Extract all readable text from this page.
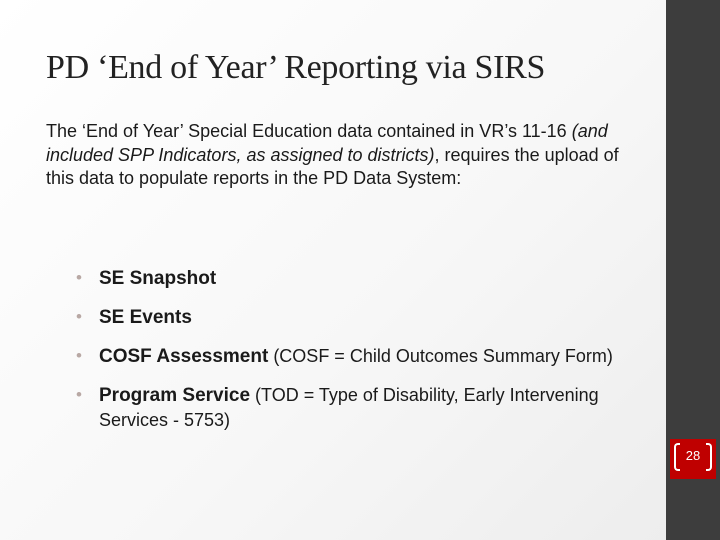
PD ‘End of Year’ Reporting via SIRS
The ‘End of Year’ Special Education data contained in VR’s 11-16 (and included SPP Indicators, as assigned to districts), requires the upload of this data to populate reports in the PD Data System:
• SE Snapshot
• SE Events
• COSF Assessment (COSF = Child Outcomes Summary Form)
• Program Service (TOD = Type of Disability, Early Intervening Services - 5753)
28
